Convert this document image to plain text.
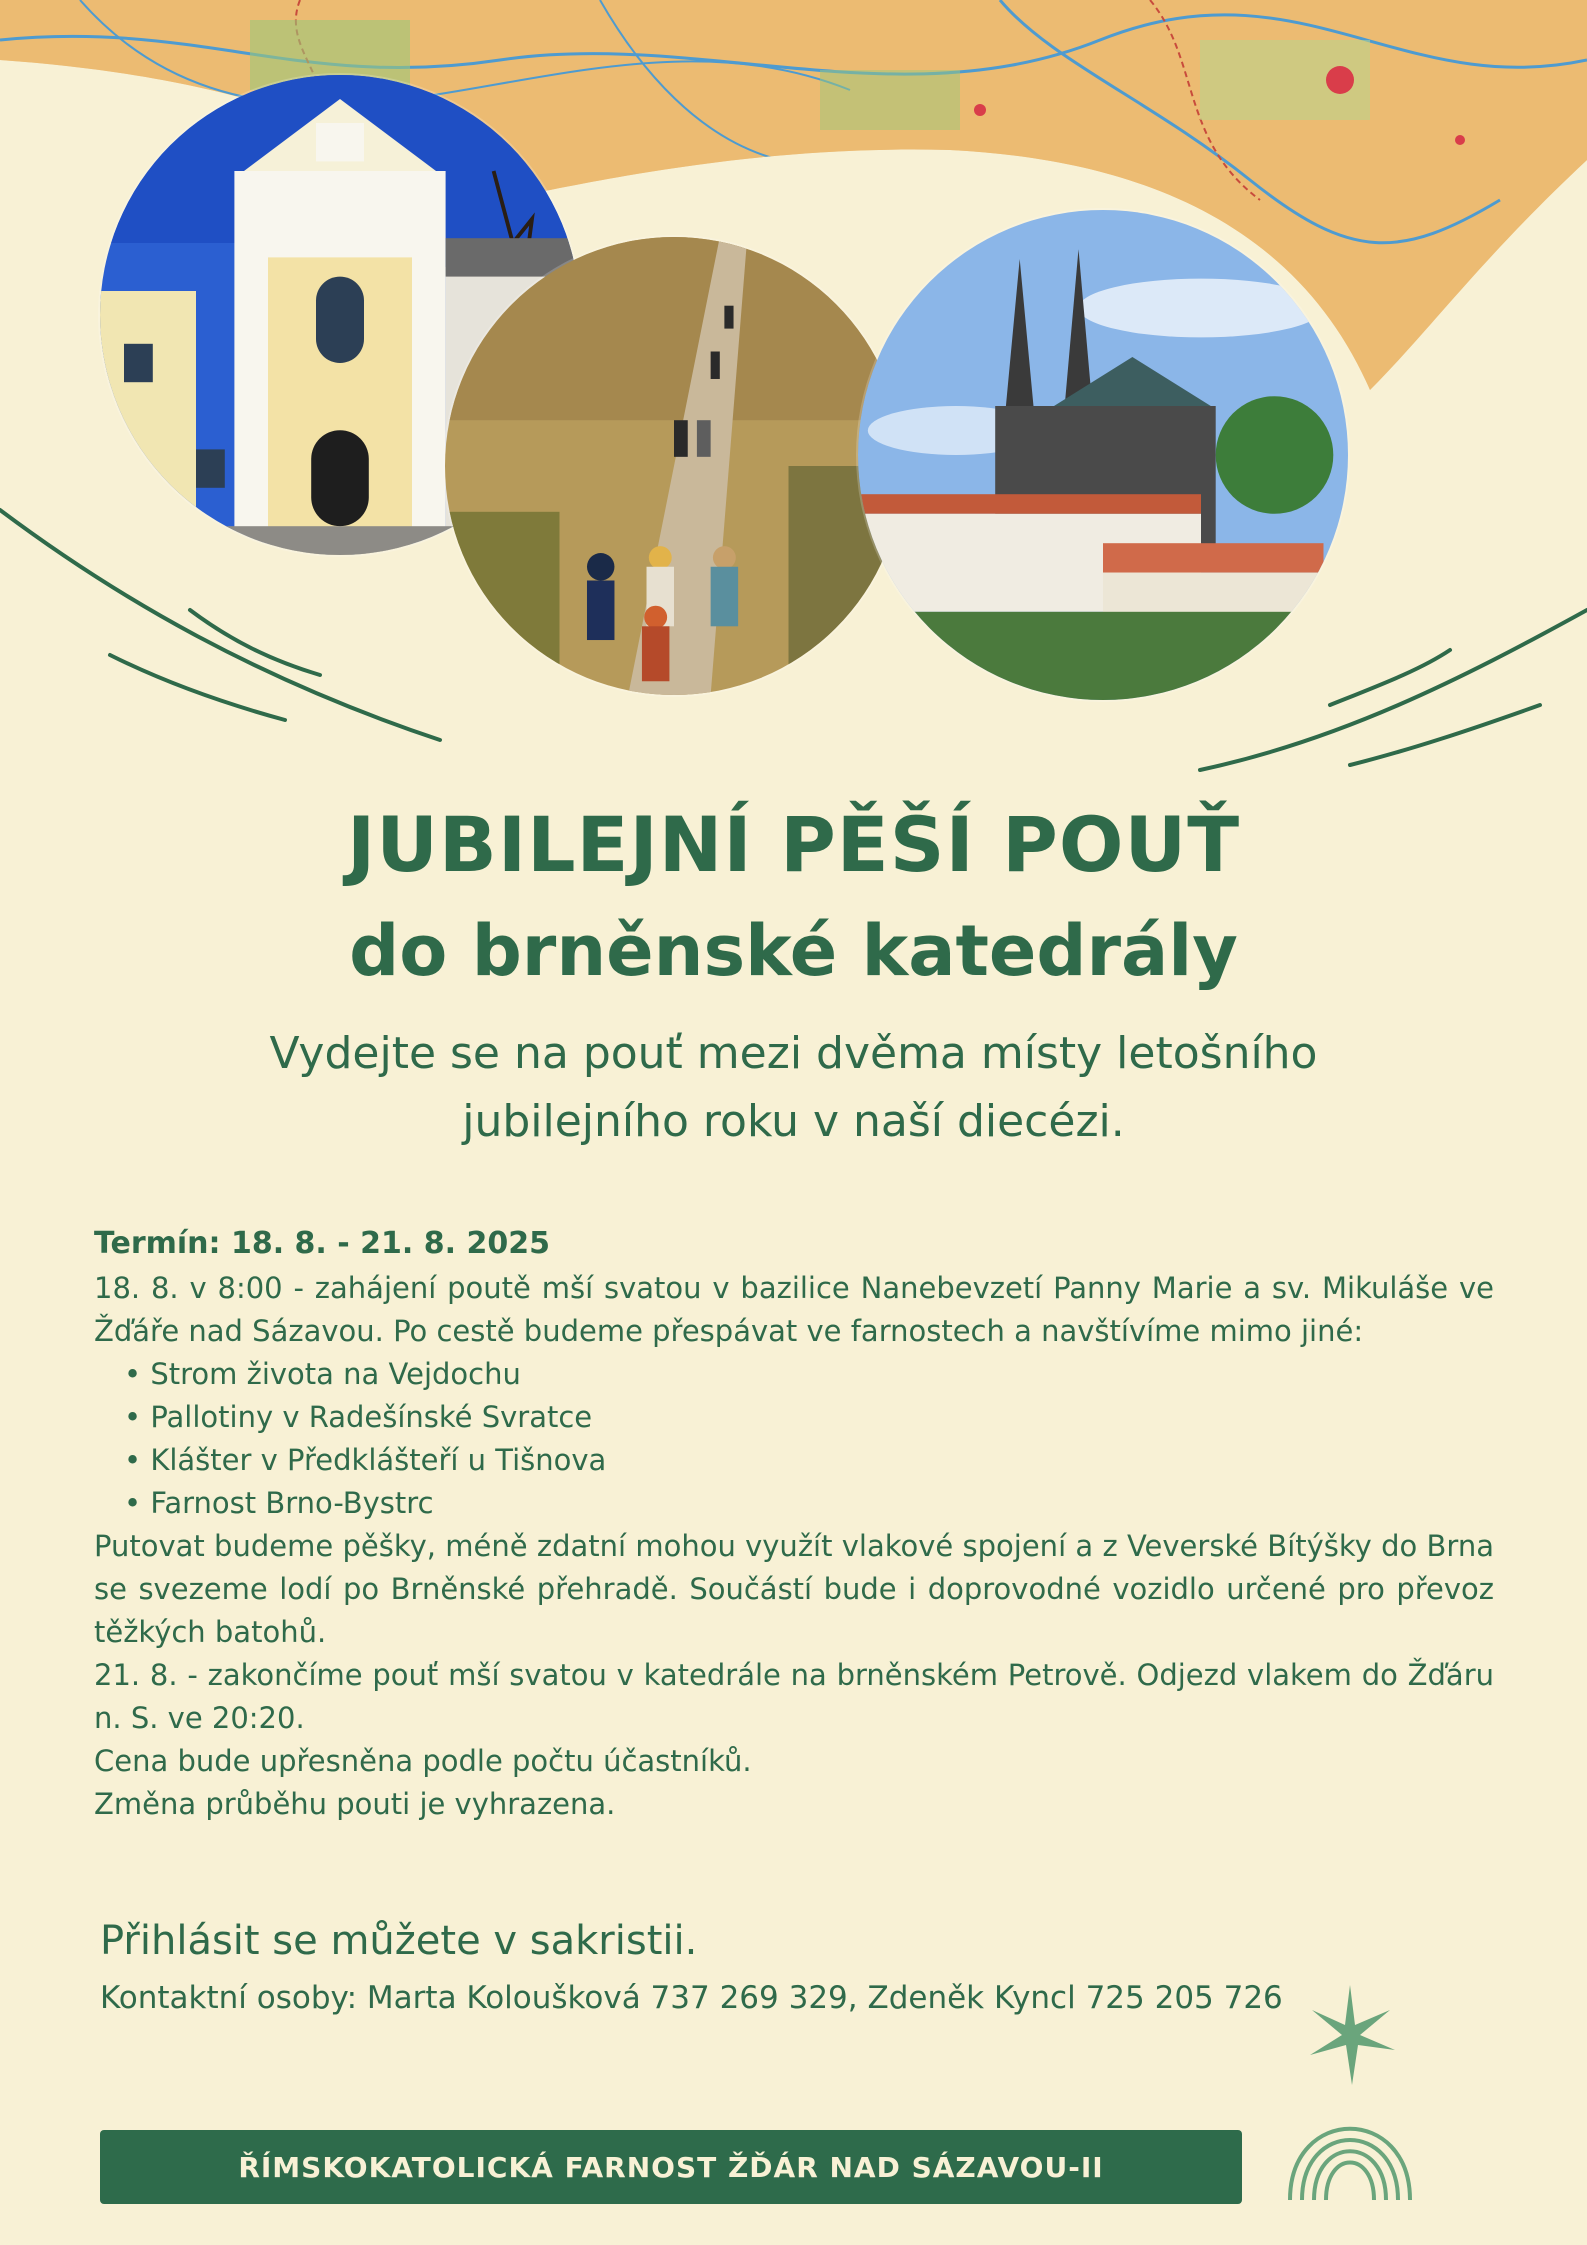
JUBILEJNÍ PĚŠÍ POUŤ
do brněnské katedrály
Vydejte se na pouť mezi dvěma místy letošního
jubilejního roku v naší diecézi.
Termín: 18. 8. - 21. 8. 2025
18. 8. v 8:00 - zahájení poutě mší svatou v bazilice Nanebevzetí Panny Marie a sv. Mikuláše ve Žďáře nad Sázavou. Po cestě budeme přespávat ve farnostech a navštívíme mimo jiné:
• Strom života na Vejdochu
• Pallotiny v Radešínské Svratce
• Klášter v Předklášteří u Tišnova
• Farnost Brno-Bystrc
Putovat budeme pěšky, méně zdatní mohou využít vlakové spojení a z Veverské Bítýšky do Brna se svezeme lodí po Brněnské přehradě. Součástí bude i doprovodné vozidlo určené pro převoz těžkých batohů.
21. 8. - zakončíme pouť mší svatou v katedrále na brněnském Petrově. Odjezd vlakem do Žďáru n. S. ve 20:20.
Cena bude upřesněna podle počtu účastníků.
Změna průběhu pouti je vyhrazena.
Přihlásit se můžete v sakristii.
Kontaktní osoby: Marta Koloušková 737 269 329, Zdeněk Kyncl 725 205 726
ŘÍMSKOKATOLICKÁ FARNOST ŽĎÁR NAD SÁZAVOU-II
